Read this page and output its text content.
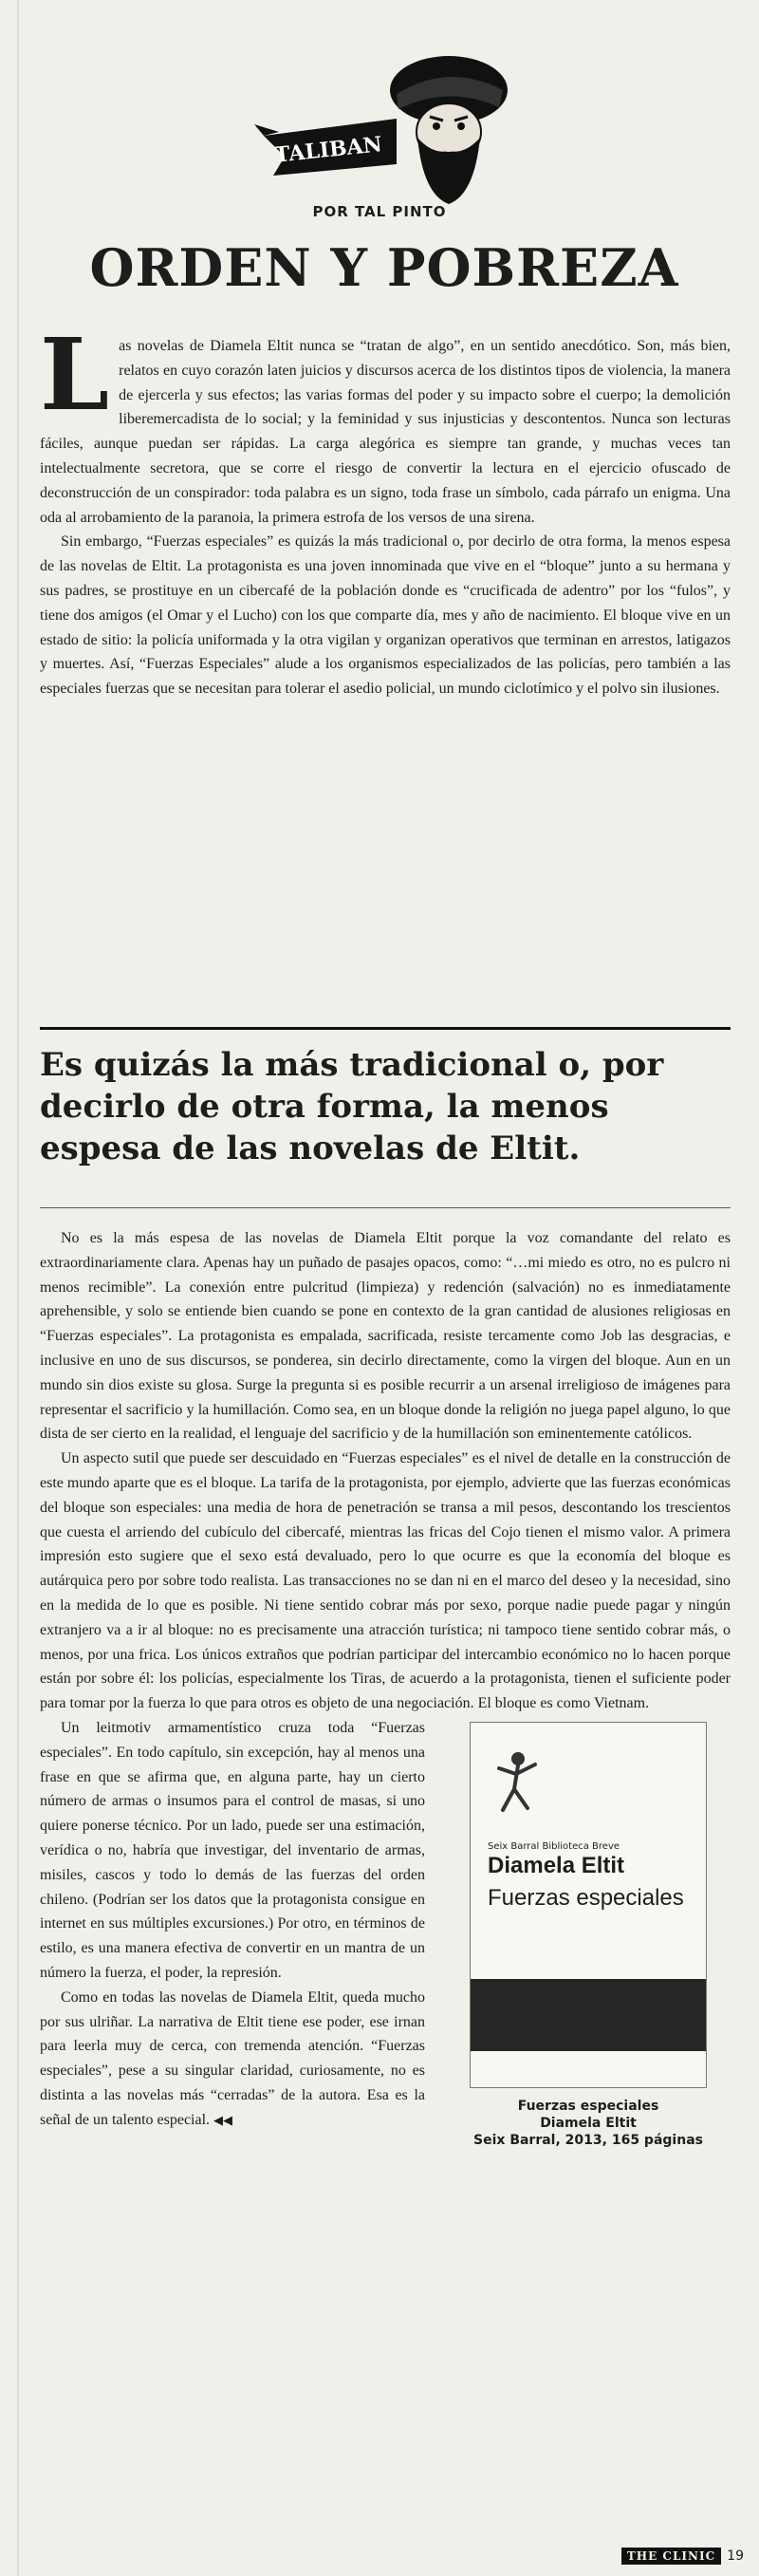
TALIBAN
POR TAL PINTO
ORDEN Y POBREZA

Las novelas de Diamela Eltit nunca se “tratan de algo”, en un sentido anecdótico. Son, más bien, relatos en cuyo corazón laten juicios y discursos acerca de los distintos tipos de violencia, la manera de ejercerla y sus efectos; las varias formas del poder y su impacto sobre el cuerpo; la demolición liberemercadista de lo social; y la feminidad y sus injusticias y descontentos. Nunca son lecturas fáciles, aunque puedan ser rápidas. La carga alegórica es siempre tan grande, y muchas veces tan intelectualmente secretora, que se corre el riesgo de convertir la lectura en el ejercicio ofuscado de deconstrucción de un conspirador: toda palabra es un signo, toda frase un símbolo, cada párrafo un enigma. Una oda al arrobamiento de la paranoia, la primera estrofa de los versos de una sirena.

Sin embargo, “Fuerzas especiales” es quizás la más tradicional o, por decirlo de otra forma, la menos espesa de las novelas de Eltit. La protagonista es una joven innominada que vive en el “bloque” junto a su hermana y sus padres, se prostituye en un cibercafé de la población donde es “crucificada de adentro” por los “fulos”, y tiene dos amigos (el Omar y el Lucho) con los que comparte día, mes y año de nacimiento. El bloque vive en un estado de sitio: la policía uniformada y la otra vigilan y organizan operativos que terminan en arrestos, latigazos y muertes. Así, “Fuerzas Especiales” alude a los organismos especializados de las policías, pero también a las especiales fuerzas que se necesitan para tolerar el asedio policial, un mundo ciclotímico y el polvo sin ilusiones.

Es quizás la más tradicional o, por decirlo de otra forma, la menos espesa de las novelas de Eltit.

No es la más espesa de las novelas de Diamela Eltit porque la voz comandante del relato es extraordinariamente clara. Apenas hay un puñado de pasajes opacos, como: “…mi miedo es otro, no es pulcro ni menos recimible”. La conexión entre pulcritud (limpieza) y redención (salvación) no es inmediatamente aprehensible, y solo se entiende bien cuando se pone en contexto de la gran cantidad de alusiones religiosas en “Fuerzas especiales”. La protagonista es empalada, sacrificada, resiste tercamente como Job las desgracias, e inclusive en uno de sus discursos, se ponderea, sin decirlo directamente, como la virgen del bloque. Aun en un mundo sin dios existe su glosa. Surge la pregunta si es posible recurrir a un arsenal irreligioso de imágenes para representar el sacrificio y la humillación. Como sea, en un bloque donde la religión no juega papel alguno, lo que dista de ser cierto en la realidad, el lenguaje del sacrificio y de la humillación son eminentemente católicos.

Un aspecto sutil que puede ser descuidado en “Fuerzas especiales” es el nivel de detalle en la construcción de este mundo aparte que es el bloque. La tarifa de la protagonista, por ejemplo, advierte que las fuerzas económicas del bloque son especiales: una media de hora de penetración se transa a mil pesos, descontando los trescientos que cuesta el arriendo del cubículo del cibercafé, mientras las fricas del Cojo tienen el mismo valor. A primera impresión esto sugiere que el sexo está devaluado, pero lo que ocurre es que la economía del bloque es autárquica pero por sobre todo realista. Las transacciones no se dan ni en el marco del deseo y la necesidad, sino en la medida de lo que es posible. Ni tiene sentido cobrar más por sexo, porque nadie puede pagar y ningún extranjero va a ir al bloque: no es precisamente una atracción turística; ni tampoco tiene sentido cobrar más, o menos, por una frica. Los únicos extraños que podrían participar del intercambio económico no lo hacen porque están por sobre él: los policías, especialmente los Tiras, de acuerdo a la protagonista, tienen el suficiente poder para tomar por la fuerza lo que para otros es objeto de una negociación. El bloque es como Vietnam.

Seix Barral Biblioteca Breve
Diamela Eltit
Fuerzas especiales
Fuerzas especiales
Diamela Eltit
Seix Barral, 2013, 165 páginas

Un leitmotiv armamentístico cruza toda “Fuerzas especiales”. En todo capítulo, sin excepción, hay al menos una frase en que se afirma que, en alguna parte, hay un cierto número de armas o insumos para el control de masas, si uno quiere ponerse técnico. Por un lado, puede ser una estimación, verídica o no, habría que investigar, del inventario de armas, misiles, cascos y todo lo demás de las fuerzas del orden chileno. (Podrían ser los datos que la protagonista consigue en internet en sus múltiples excursiones.) Por otro, en términos de estilo, es una manera efectiva de convertir en un mantra de un número la fuerza, el poder, la represión.

Como en todas las novelas de Diamela Eltit, queda mucho por sus ulriñar. La narrativa de Eltit tiene ese poder, ese irnan para leerla muy de cerca, con tremenda atención. “Fuerzas especiales”, pese a su singular claridad, curiosamente, no es distinta a las novelas más “cerradas” de la autora. Esa es la señal de un talento especial. ◀◀

THE CLINIC 19
